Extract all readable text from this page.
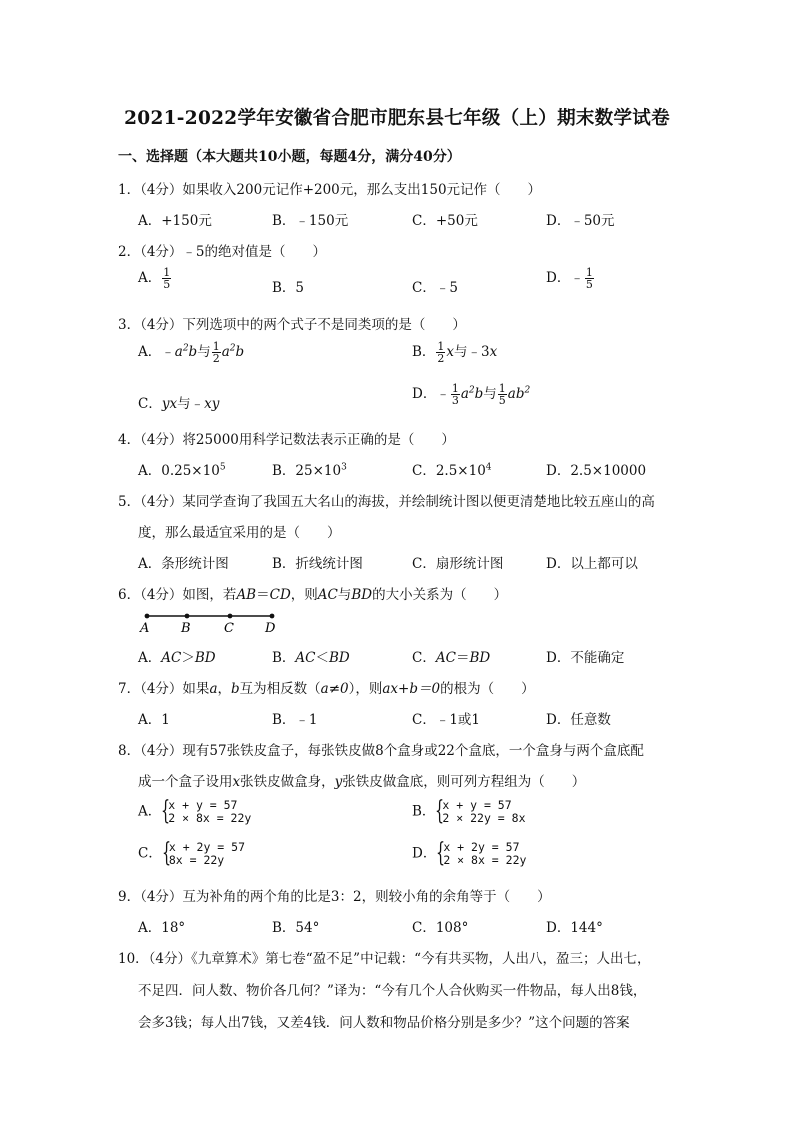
2021-2022学年安徽省合肥市肥东县七年级（上）期末数学试卷
一、选择题（本大题共10小题，每题4分，满分40分）
1．（4分）如果收入200元记作+200元，那么支出150元记作（　　）
A．+150元	B．﹣150元	C．+50元	D．﹣50元
2．（4分）﹣5的绝对值是（　　）
A． $\frac{1}{5}$	B．5	C．﹣5
D．﹣ $\frac{1}{5}$
3．（4分）下列选项中的两个式子不是同类项的是（　　）
A．$﹣a^2b$与 $\frac{1}{2} a^2b$	B． $\frac{1}{2}$ x与﹣3x
C．yx与﹣xy
D．﹣ $\frac{1}{3} a^2b$与 $\frac{1}{5} ab^2$
4．（4分）将25000用科学记数法表示正确的是（　　）
A．$0.25\times 10^5$	B．$25\times 10^3$	C．$2.5\times 10^4$	D．2.5×10000
5．（4分）某同学查询了我国五大名山的海拔，并绘制统计图以便更清楚地比较五座山的高
度，那么最适宜采用的是（　　）
A．条形统计图	B．折线统计图	C．扇形统计图	D．以上都可以
6．（4分）如图，若AB＝CD，则AC与BD的大小关系为（　　）
A B	C D
A．AC＞BD	B．AC＜BD	C．AC＝BD	D．不能确定
7．（4分）如果a，b互为相反数（a≠0），则ax+b＝0的根为（　　）
A．1	B．﹣1	C．﹣1或1	D．任意数
8．（4分）现有57张铁皮盒子，每张铁皮做8个盒身或22个盒底，一个盒身与两个盒底配
成一个盒子设用x张铁皮做盒身，y张铁皮做盒底，则可列方程组为（　　）
A． {
x + y = 57
2 × 8x = 22y	B． {
x + y = 57
2 × 22y = 8x
C． {
x + 2y = 57
8x = 22y	D． {
x + 2y = 57
2 × 8x = 22y
9．（4分）互为补角的两个角的比是3：2，则较小角的余角等于（　　）
A．18°	B．54°	C．108°	D．144°
10．（4分）《九章算术》第七卷“盈不足”中记载：“今有共买物，人出八，盈三；人出七，
不足四．问人数、物价各几何？”译为：“今有几个人合伙购买一件物品，每人出8钱，
会多3钱；每人出7钱，又差4钱．问人数和物品价格分别是多少？”这个问题的答案
